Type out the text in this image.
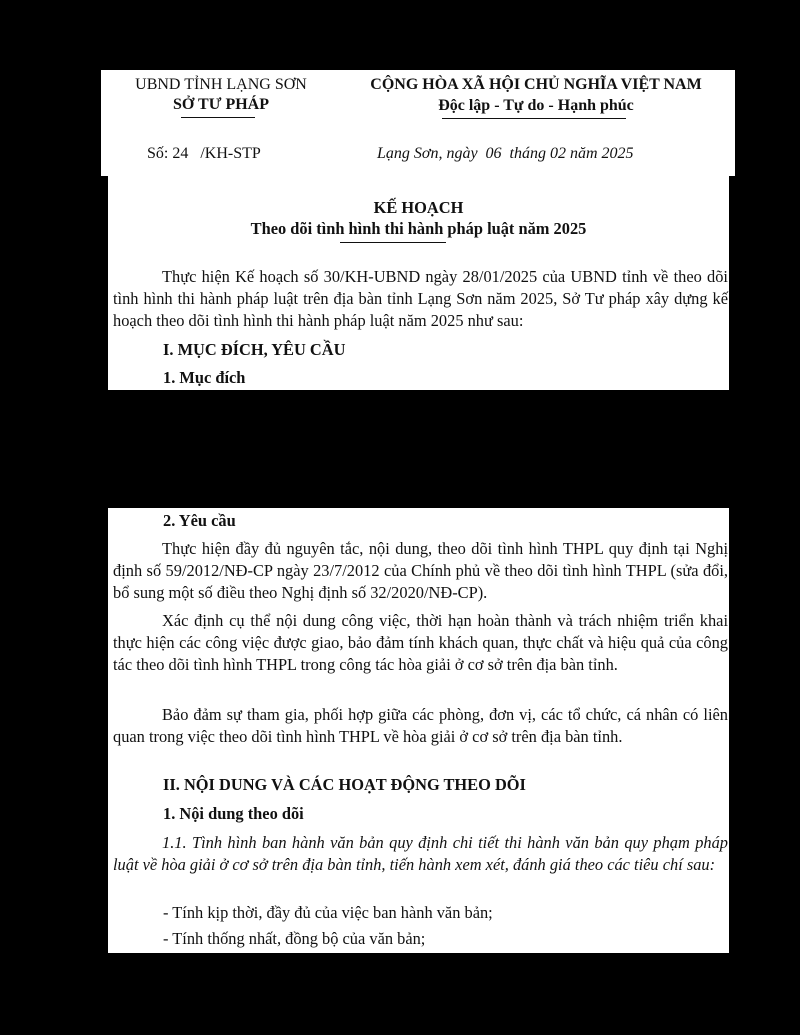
UBND TỈNH LẠNG SƠN
SỞ TƯ PHÁP
CỘNG HÒA XÃ HỘI CHỦ NGHĨA VIỆT NAM
Độc lập - Tự do - Hạnh phúc
Số: 24 /KH-STP	Lạng Sơn, ngày 06 tháng 02 năm 2025
KẾ HOẠCH
Theo dõi tình hình thi hành pháp luật năm 2025
Thực hiện Kế hoạch số 30/KH-UBND ngày 28/01/2025 của UBND tỉnh về theo dõi tình hình thi hành pháp luật trên địa bàn tỉnh Lạng Sơn năm 2025, Sở Tư pháp xây dựng kế hoạch theo dõi tình hình thi hành pháp luật năm 2025 như sau:
I. MỤC ĐÍCH, YÊU CẦU
1. Mục đích
2. Yêu cầu
Thực hiện đầy đủ nguyên tắc, nội dung, theo dõi tình hình THPL quy định tại Nghị định số 59/2012/NĐ-CP ngày 23/7/2012 của Chính phủ về theo dõi tình hình THPL (sửa đổi, bổ sung một số điều theo Nghị định số 32/2020/NĐ-CP).
Xác định cụ thể nội dung công việc, thời hạn hoàn thành và trách nhiệm triển khai thực hiện các công việc được giao, bảo đảm tính khách quan, thực chất và hiệu quả của công tác theo dõi tình hình THPL trong công tác hòa giải ở cơ sở trên địa bàn tỉnh.
Bảo đảm sự tham gia, phối hợp giữa các phòng, đơn vị, các tổ chức, cá nhân có liên quan trong việc theo dõi tình hình THPL về hòa giải ở cơ sở trên địa bàn tỉnh.
II. NỘI DUNG VÀ CÁC HOẠT ĐỘNG THEO DÕI
1. Nội dung theo dõi
1.1. Tình hình ban hành văn bản quy định chi tiết thi hành văn bản quy phạm pháp luật về hòa giải ở cơ sở trên địa bàn tỉnh, tiến hành xem xét, đánh giá theo các tiêu chí sau:
- Tính kịp thời, đầy đủ của việc ban hành văn bản;
- Tính thống nhất, đồng bộ của văn bản;
